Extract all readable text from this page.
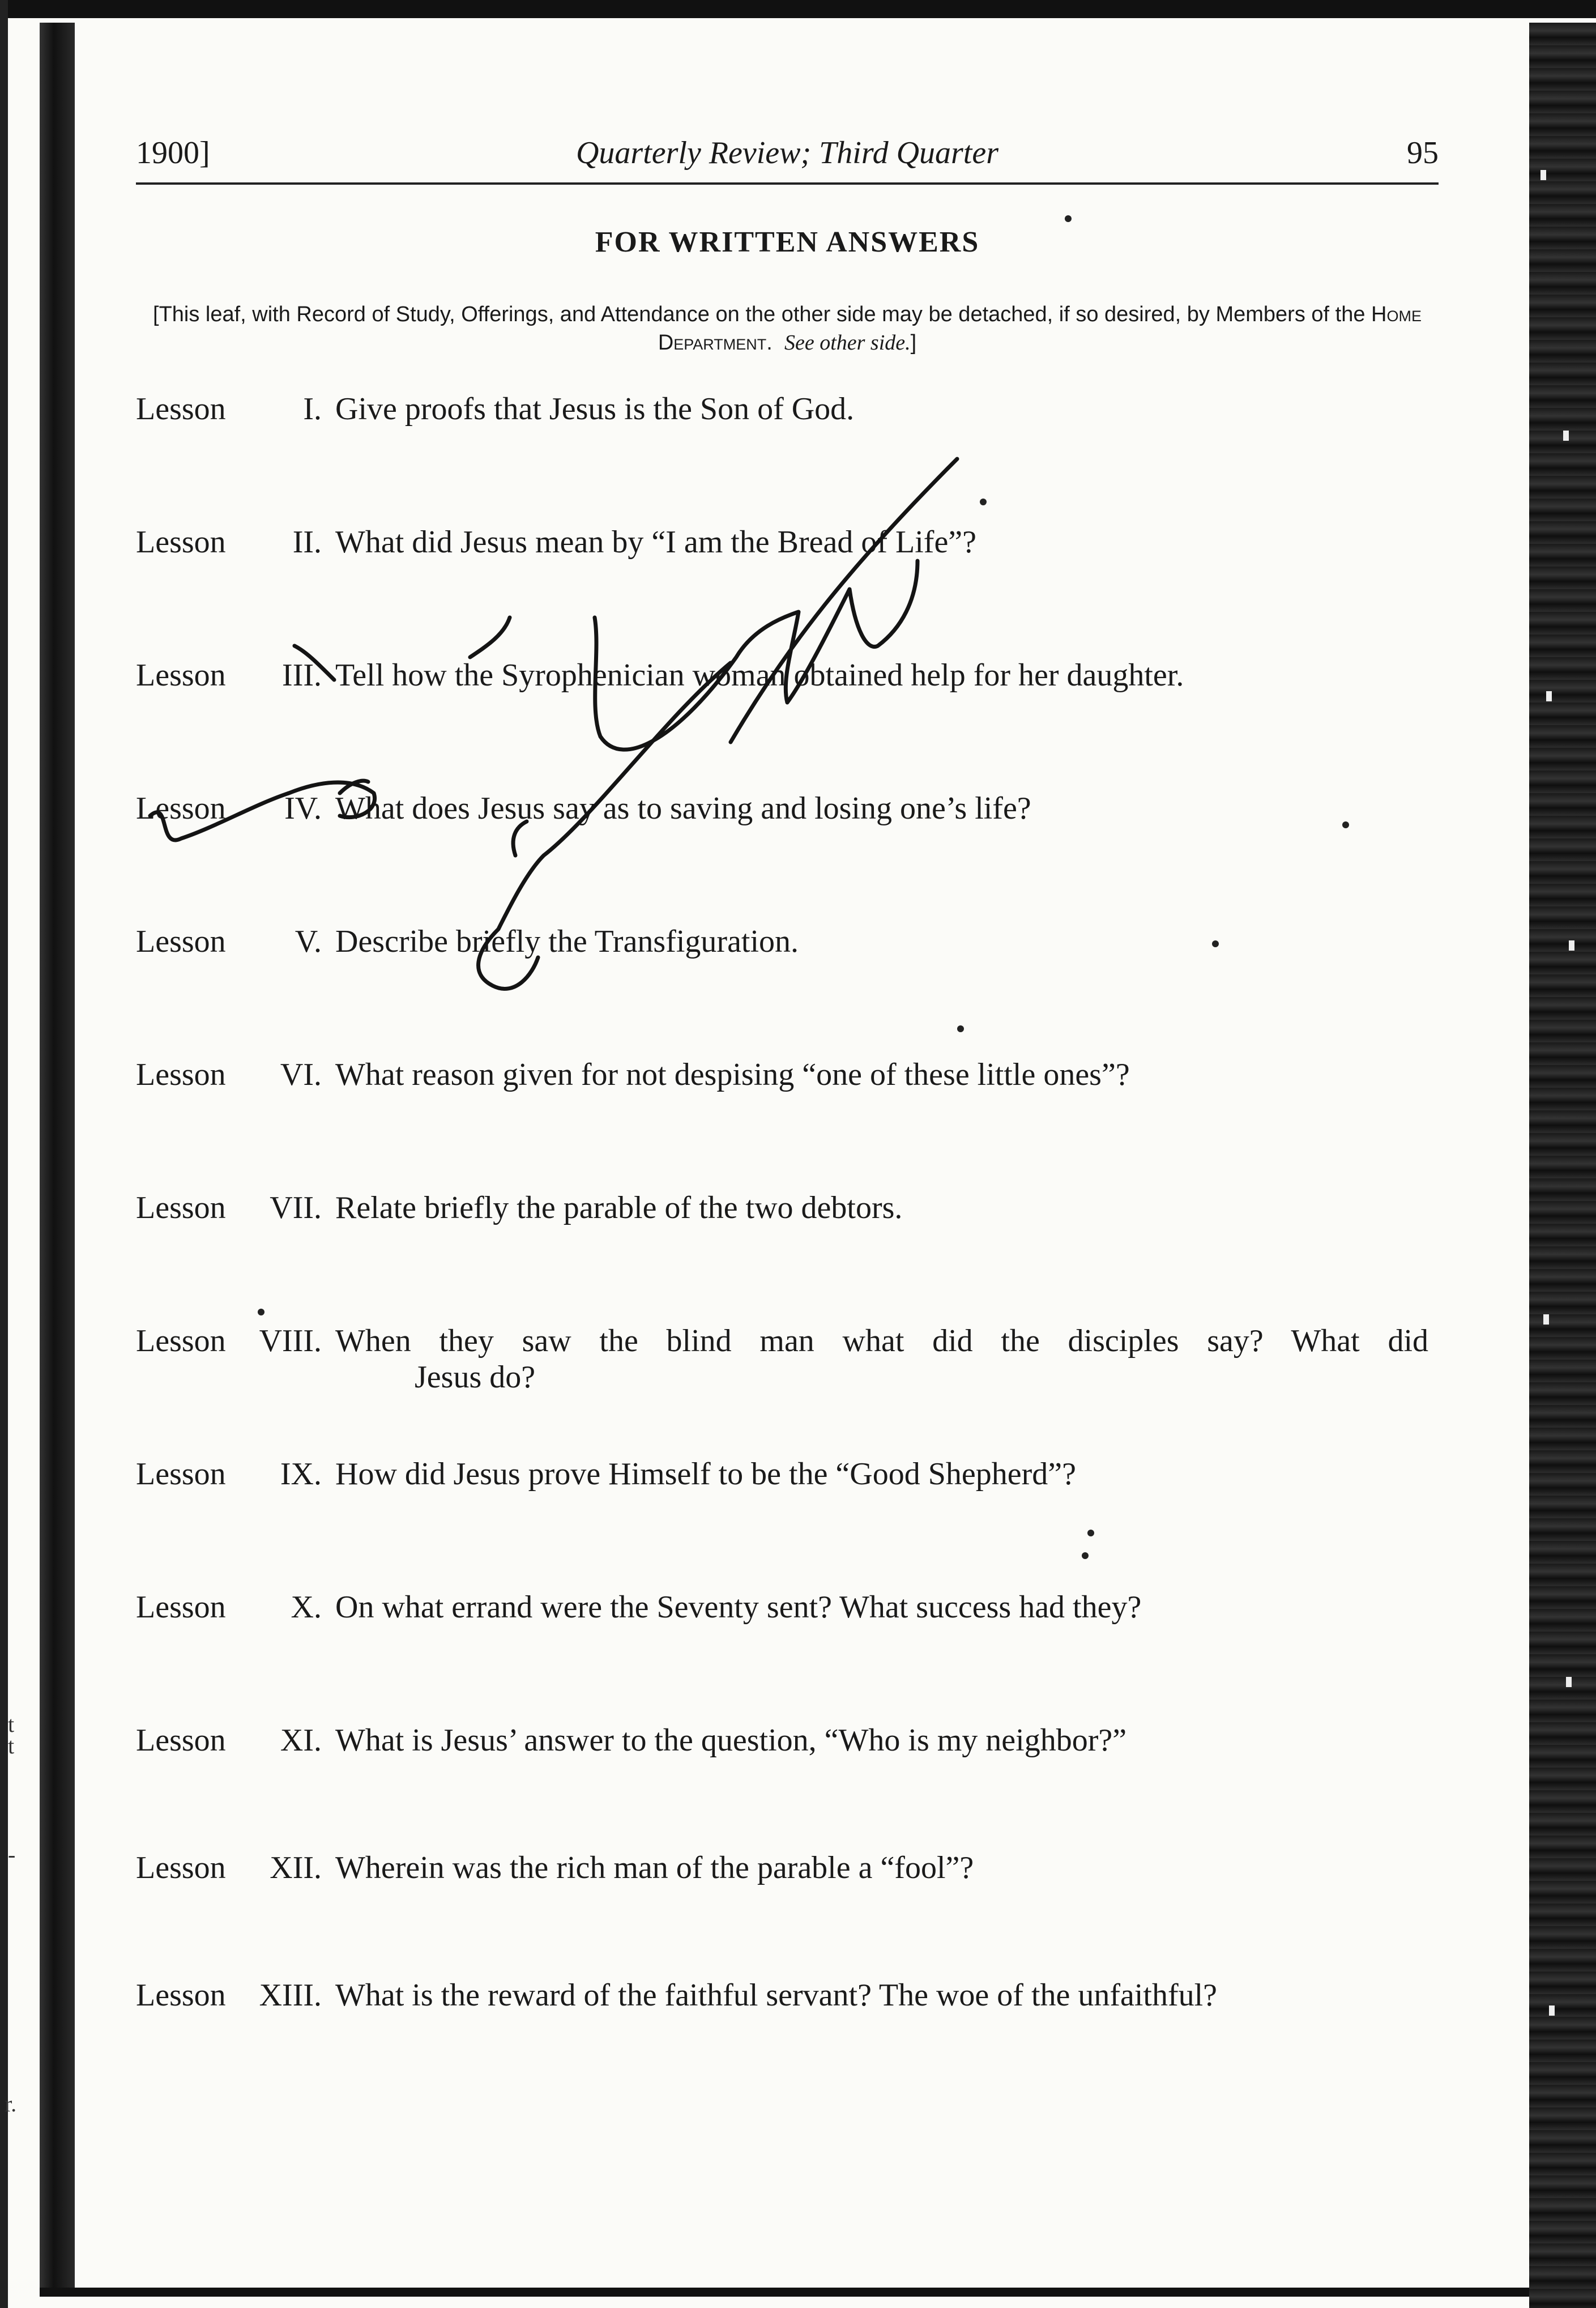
t
t
-
r.
1900]	Quarterly Review; Third Quarter	95
FOR WRITTEN ANSWERS
[This leaf, with Record of Study, Offerings, and Attendance on the other side may be detached, if so desired, by Members of the Home Department. See other side.]
Lesson I. Give proofs that Jesus is the Son of God.
Lesson II. What did Jesus mean by “I am the Bread of Life”?
Lesson III. Tell how the Syrophenician woman obtained help for her daughter.
Lesson IV. What does Jesus say as to saving and losing one’s life?
Lesson V. Describe briefly the Transfiguration.
Lesson VI. What reason given for not despising “one of these little ones”?
Lesson VII. Relate briefly the parable of the two debtors.
Lesson VIII. When they saw the blind man what did the disciples say? What did
Jesus do?
Lesson IX. How did Jesus prove Himself to be the “Good Shepherd”?
Lesson X. On what errand were the Seventy sent? What success had they?
Lesson XI. What is Jesus’ answer to the question, “Who is my neighbor?”
Lesson XII. Wherein was the rich man of the parable a “fool”?
Lesson XIII. What is the reward of the faithful servant? The woe of the unfaithful?
